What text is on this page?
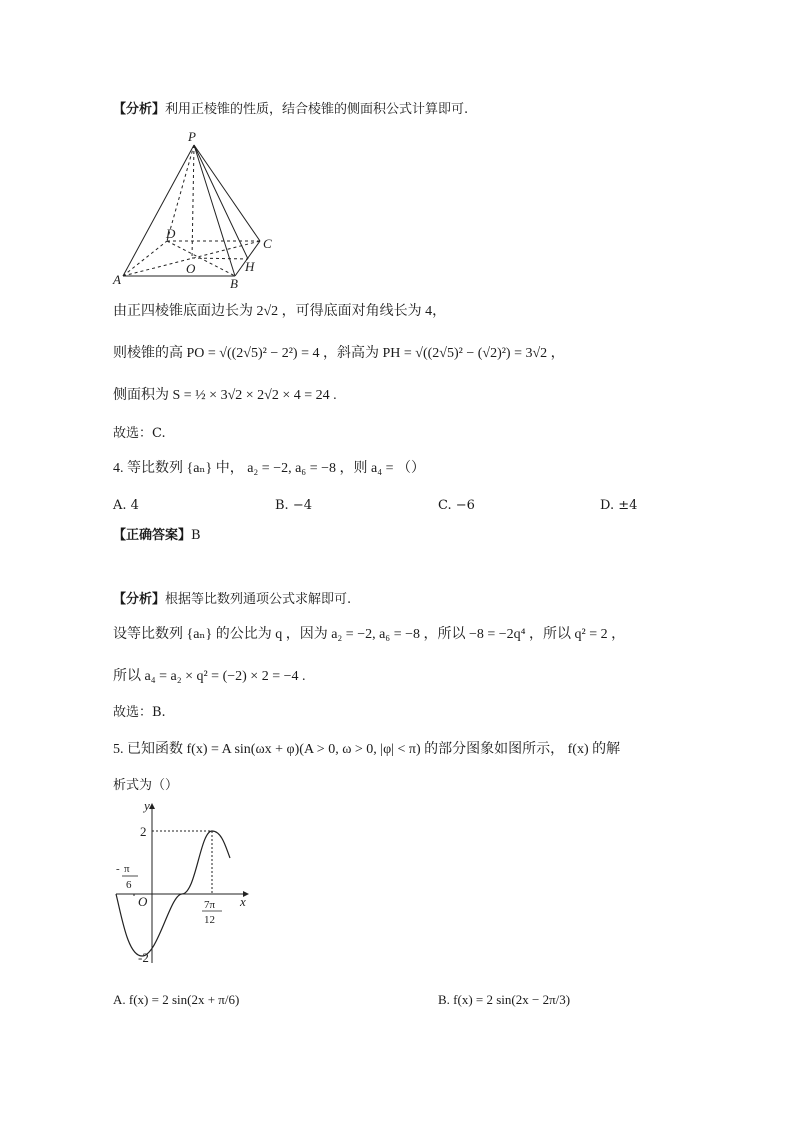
【分析】利用正棱锥的性质，结合棱锥的侧面积公式计算即可.
P
A	B
C
D
O	H
由正四棱锥底面边长为 2√2 ，可得底面对角线长为 4，
则棱锥的高 PO = √((2√5)² − 2²) = 4 ，斜高为 PH = √((2√5)² − (√2)²) = 3√2 ，
侧面积为 S = ½ × 3√2 × 2√2 × 4 = 24 .
故选：C.
4. 等比数列 {aₙ} 中， a₂ = −2, a₆ = −8 ，则 a₄ = （）
A. 4	B. −4	C. −6	D. ±4
【正确答案】B
【分析】根据等比数列通项公式求解即可.
设等比数列 {aₙ} 的公比为 q ，因为 a₂ = −2, a₆ = −8 ，所以 −8 = −2q⁴ ，所以 q² = 2 ，
所以 a₄ = a₂ × q² = (−2) × 2 = −4 .
故选：B.
5. 已知函数 f(x) = A sin(ωx + φ)(A > 0, ω > 0, |φ| < π) 的部分图象如图所示， f(x) 的解
析式为（）
y
x
O
2
-2
- π
6
7π
12
A. f(x) = 2 sin(2x + π/6)	B. f(x) = 2 sin(2x − 2π/3)
